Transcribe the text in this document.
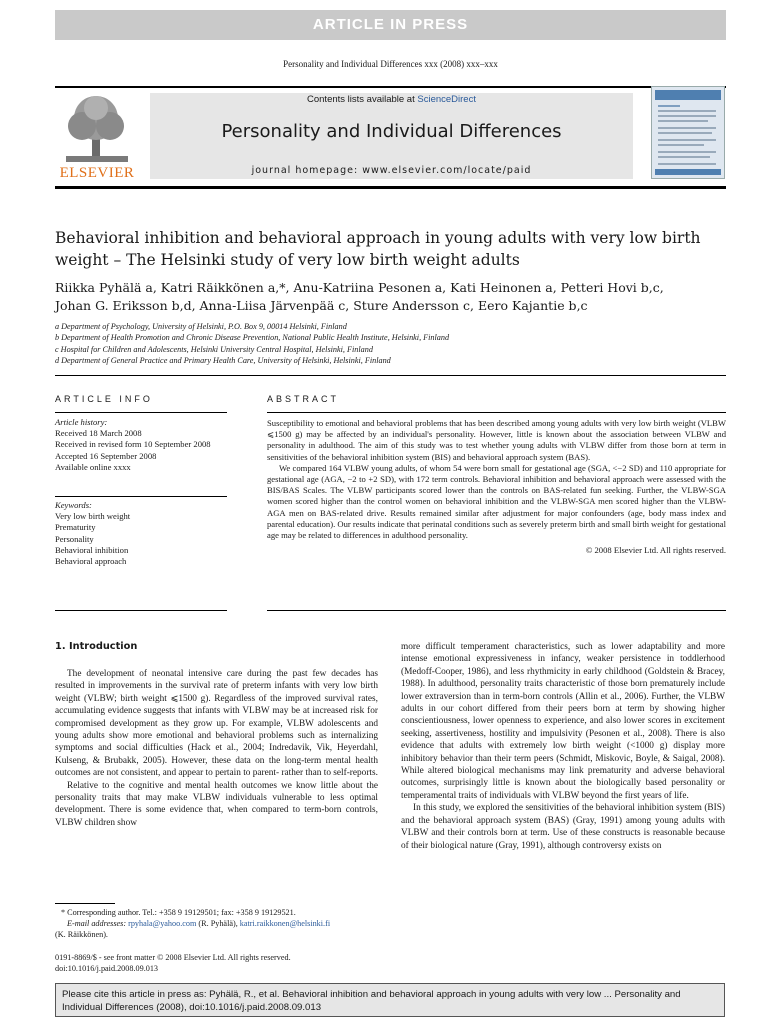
ARTICLE IN PRESS
Personality and Individual Differences xxx (2008) xxx–xxx
ELSEVIER
Contents lists available at ScienceDirect
Personality and Individual Differences
journal homepage: www.elsevier.com/locate/paid
Behavioral inhibition and behavioral approach in young adults with very low birth weight – The Helsinki study of very low birth weight adults
Riikka Pyhälä a, Katri Räikkönen a,*, Anu-Katriina Pesonen a, Kati Heinonen a, Petteri Hovi b,c,
Johan G. Eriksson b,d, Anna-Liisa Järvenpää c, Sture Andersson c, Eero Kajantie b,c
a Department of Psychology, University of Helsinki, P.O. Box 9, 00014 Helsinki, Finland
b Department of Health Promotion and Chronic Disease Prevention, National Public Health Institute, Helsinki, Finland
c Hospital for Children and Adolescents, Helsinki University Central Hospital, Helsinki, Finland
d Department of General Practice and Primary Health Care, University of Helsinki, Helsinki, Finland
ARTICLE INFO
Article history:
Received 18 March 2008
Received in revised form 10 September 2008
Accepted 16 September 2008
Available online xxxx
Keywords:
Very low birth weight
Prematurity
Personality
Behavioral inhibition
Behavioral approach
ABSTRACT

Susceptibility to emotional and behavioral problems that has been described among young adults with very low birth weight (VLBW ⩽1500 g) may be affected by an individual's personality. However, little is known about the association between VLBW and personality in adulthood. The aim of this study was to test whether young adults with VLBW differ from those born at term in sensitivities of the behavioral inhibition system (BIS) and behavioral approach system (BAS).

We compared 164 VLBW young adults, of whom 54 were born small for gestational age (SGA, <−2 SD) and 110 appropriate for gestational age (AGA, −2 to +2 SD), with 172 term controls. Behavioral inhibition and behavioral approach were assessed with the BIS/BAS Scales. The VLBW participants scored lower than the controls on BAS-related fun seeking. Further, the VLBW-SGA women scored higher than the control women on behavioral inhibition and the VLBW-SGA men scored higher than the VLBW-AGA men on BAS-related drive. Results remained similar after adjustment for major confounders (age, body mass index and parental education). Our results indicate that perinatal conditions such as severely preterm birth and small birth weight for gestational age may be related to differences in adulthood personality.

© 2008 Elsevier Ltd. All rights reserved.

1. Introduction

The development of neonatal intensive care during the past few decades has resulted in improvements in the survival rate of preterm infants with very low birth weight (VLBW; birth weight ⩽1500 g). Regardless of the improved survival rates, accumulating evidence suggests that infants with VLBW may be at increased risk for compromised development as they grow up. For example, VLBW adolescents and young adults show more emotional and behavioral problems such as internalizing symptoms and social difficulties (Hack et al., 2004; Indredavik, Vik, Heyerdahl, Kulseng, & Brubakk, 2005). However, these data on the long-term mental health outcomes are not consistent, and appear to pertain to parent- rather than to self-reports.

Relative to the cognitive and mental health outcomes we know little about the personality traits that may make VLBW individuals vulnerable to less optimal development. There is some evidence that, when compared to term-born controls, VLBW children show

more difficult temperament characteristics, such as lower adaptability and more intense emotional expressiveness in infancy, weaker persistence in toddlerhood (Medoff-Cooper, 1986), and less rhythmicity in early childhood (Goldstein & Bracey, 1988). In adulthood, personality traits characteristic of those born prematurely include lower extraversion than in term-born controls (Allin et al., 2006). Further, the VLBW adults in our cohort differed from their peers born at term by showing higher conscientiousness, lower openness to experience, and also lower scores in excitement seeking, assertiveness, hostility and impulsivity (Pesonen et al., 2008). There is also evidence that adults with extremely low birth weight (<1000 g) display more inhibitory behavior than their term peers (Schmidt, Miskovic, Boyle, & Saigal, 2008). While altered biological mechanisms may link prematurity and adverse behavioral outcomes, surprisingly little is known about the biologically based personality or temperamental traits of individuals with VLBW beyond the first years of life.

In this study, we explored the sensitivities of the behavioral inhibition system (BIS) and the behavioral approach system (BAS) (Gray, 1991) among young adults with VLBW and their controls born at term. Use of these constructs is reasonable because of their biological nature (Gray, 1991), although controversy exists on

* Corresponding author. Tel.: +358 9 19129501; fax: +358 9 19129521.
E-mail addresses: rpyhala@yahoo.com (R. Pyhälä), katri.raikkonen@helsinki.fi
(K. Räikkönen).
0191-8869/$ - see front matter © 2008 Elsevier Ltd. All rights reserved.
doi:10.1016/j.paid.2008.09.013
Please cite this article in press as: Pyhälä, R., et al. Behavioral inhibition and behavioral approach in young adults with very low ... Personality and Individual Differences (2008), doi:10.1016/j.paid.2008.09.013
